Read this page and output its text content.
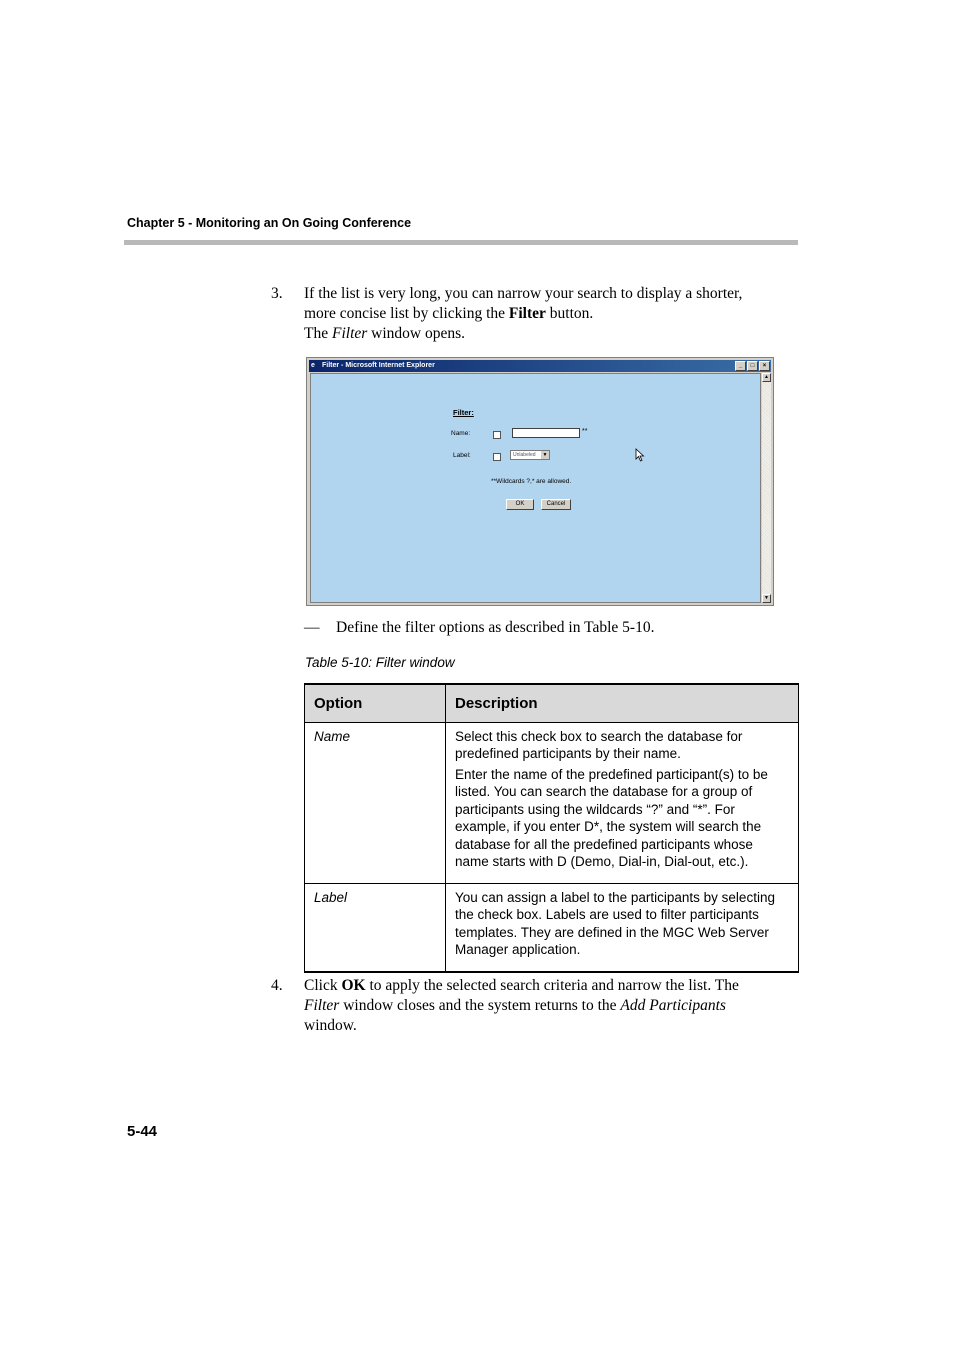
Chapter 5 - Monitoring an On Going Conference
3. If the list is very long, you can narrow your search to display a shorter,
more concise list by clicking the Filter button.
The Filter window opens.
e Filter - Microsoft Internet Explorer	_	□	×
Filter:
Name:	**
Label:	Unlabeled	▼
**Wildcards ?,* are allowed.
OK	Cancel
▲
▼
— Define the filter options as described in Table 5-10.
Table 5-10: Filter window
Option	Description
Name	Select this check box to search the database for predefined participants by their name.

Enter the name of the predefined participant(s) to be listed. You can search the database for a group of participants using the wildcards “?” and “*”. For example, if you enter D*, the system will search the database for all the predefined participants whose name starts with D (Demo, Dial-in, Dial-out, etc.).

Label	You can assign a label to the participants by selecting the check box. Labels are used to filter participants templates. They are defined in the MGC Web Server Manager application.

4. Click OK to apply the selected search criteria and narrow the list. The
Filter window closes and the system returns to the Add Participants
window.
5-44
